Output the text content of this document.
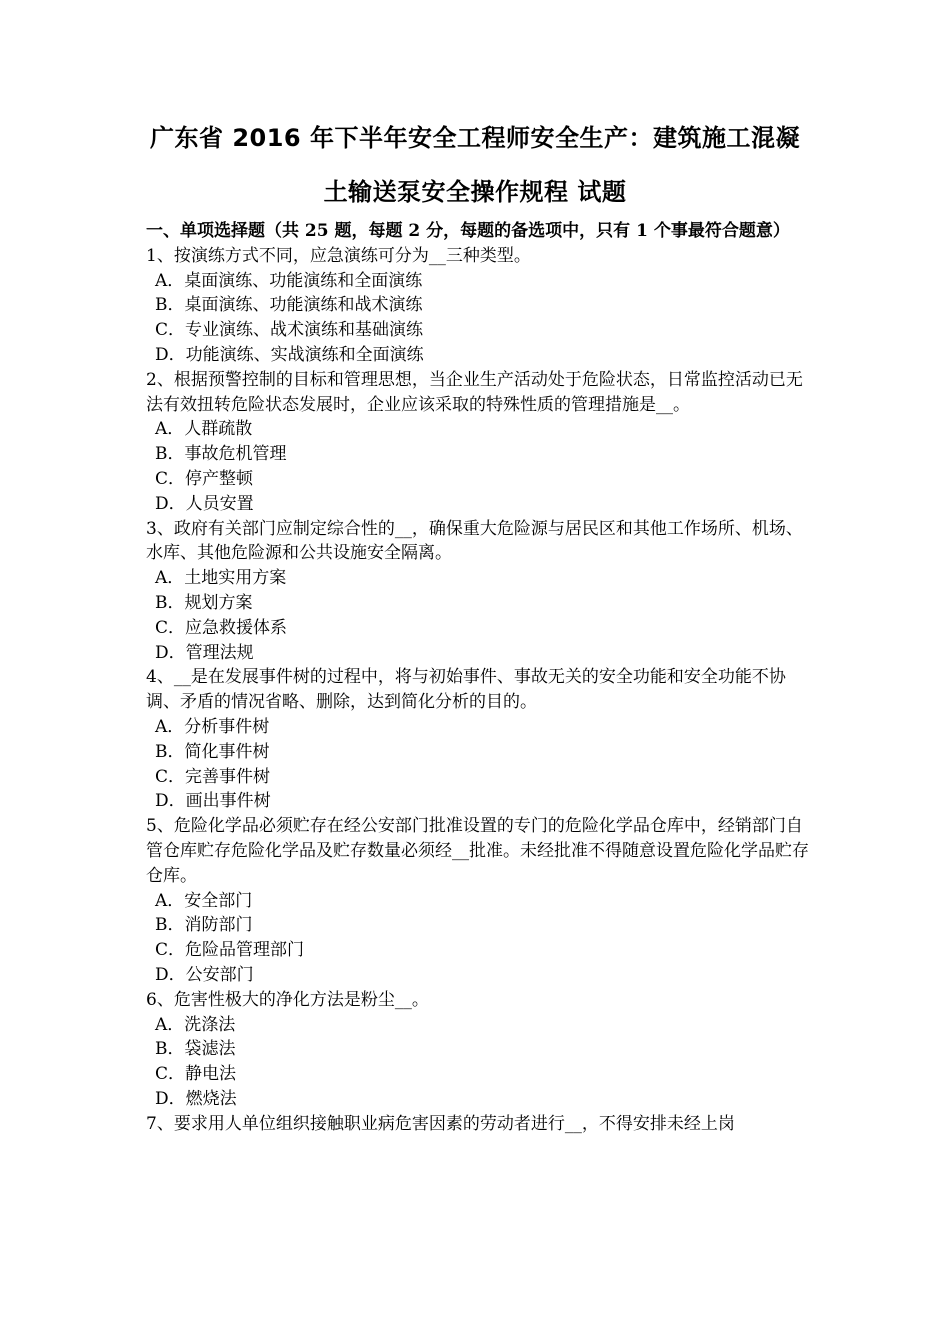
广东省 2016 年下半年安全工程师安全生产：建筑施工混凝
土输送泵安全操作规程 试题

一、单项选择题（共 25 题，每题 2 分，每题的备选项中，只有 1 个事最符合题意）

1、按演练方式不同，应急演练可分为__三种类型。

A．桌面演练、功能演练和全面演练
B．桌面演练、功能演练和战术演练
C．专业演练、战术演练和基础演练
D．功能演练、实战演练和全面演练

2、根据预警控制的目标和管理思想，当企业生产活动处于危险状态，日常监控活动已无法有效扭转危险状态发展时，企业应该采取的特殊性质的管理措施是__。

A．人群疏散
B．事故危机管理
C．停产整顿
D．人员安置

3、政府有关部门应制定综合性的__，确保重大危险源与居民区和其他工作场所、机场、水库、其他危险源和公共设施安全隔离。

A．土地实用方案
B．规划方案
C．应急救援体系
D．管理法规

4、__是在发展事件树的过程中，将与初始事件、事故无关的安全功能和安全功能不协调、矛盾的情况省略、删除，达到简化分析的目的。

A．分析事件树
B．简化事件树
C．完善事件树
D．画出事件树

5、危险化学品必须贮存在经公安部门批准设置的专门的危险化学品仓库中，经销部门自管仓库贮存危险化学品及贮存数量必须经__批准。未经批准不得随意设置危险化学品贮存仓库。

A．安全部门
B．消防部门
C．危险品管理部门
D．公安部门

6、危害性极大的净化方法是粉尘__。

A．洗涤法
B．袋滤法
C．静电法
D．燃烧法

7、要求用人单位组织接触职业病危害因素的劳动者进行__，不得安排未经上岗
